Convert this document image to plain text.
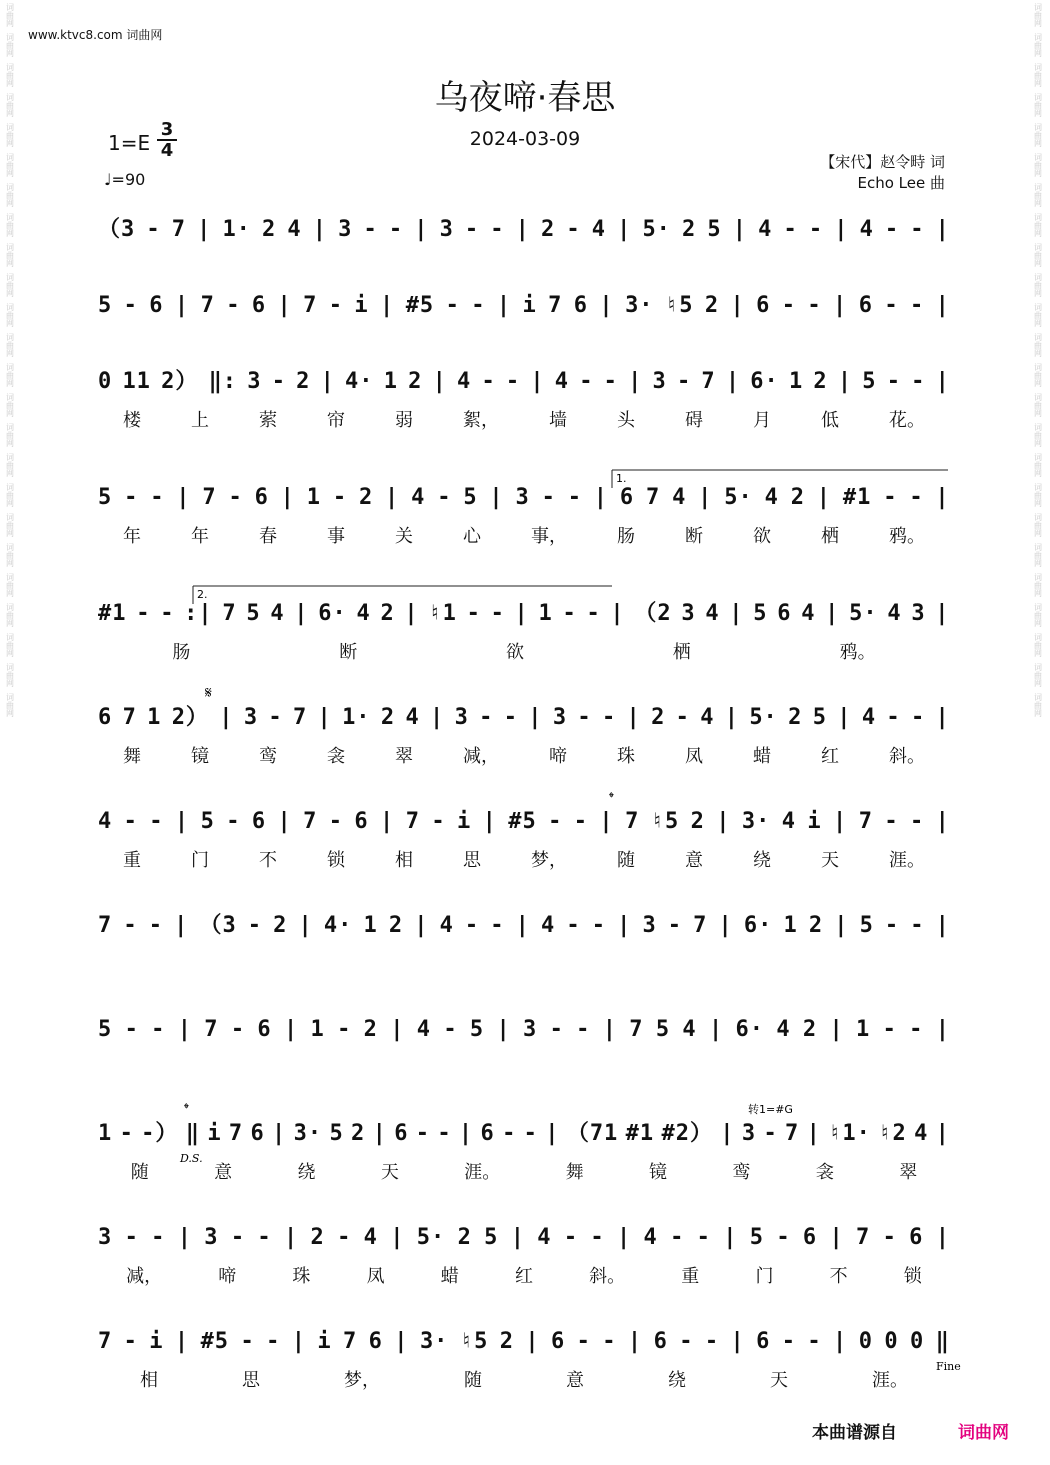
词曲网
词曲网
词曲网
词曲网
词曲网
词曲网
词曲网
词曲网
词曲网
词曲网
词曲网
词曲网
词曲网
词曲网
词曲网
词曲网
词曲网
词曲网
词曲网
词曲网
词曲网
词曲网
词曲网
词曲网
词曲网
词曲网
词曲网
词曲网
词曲网
词曲网
词曲网
词曲网
词曲网
词曲网
词曲网
词曲网
词曲网
词曲网
词曲网
词曲网
词曲网
词曲网
词曲网
词曲网
词曲网
词曲网
词曲网
词曲网
www.ktvc8.com 词曲网
乌夜啼·春思
2024-03-09
1=E
3
4
♩=90
【宋代】赵令畤 词
Echo Lee 曲
（3 - 7 | 1· 2 4 | 3 - - | 3 - - | 2 - 4 | 5· 2 5 | 4 - - | 4 - - |
5 - 6 | 7 - 6 | 7 - i | #5 - - | i 7 6 | 3· ♮5 2 | 6 - - | 6 - - |
0 11 2） ‖: 3 - 2 | 4· 1 2 | 4 - - | 4 - - | 3 - 7 | 6· 1 2 | 5 - - |
楼	上	萦	帘	弱	絮，	墙	头	碍	月	低	花。
5 - - | 7 - 6 | 1 - 2 | 4 - 5 | 3 - - | 6 7 4 | 5· 4 2 | #1 - - |
年	年	春	事	关	心	事，	肠	断	欲	栖	鸦。
#1 - - :| 7 5 4 | 6· 4 2 | ♮1 - - | 1 - - | （2 3 4 | 5 6 4 | 5· 4 3 |
肠	断	欲	栖	鸦。
6 7 1 2） | 3 - 7 | 1· 2 4 | 3 - - | 3 - - | 2 - 4 | 5· 2 5 | 4 - - |
舞	镜	鸾	衾	翠	减，	啼	珠	凤	蜡	红	斜。
4 - - | 5 - 6 | 7 - 6 | 7 - i | #5 - - | 7 ♮5 2 | 3· 4 i | 7 - - |
重	门	不	锁	相	思	梦，	随	意	绕	天	涯。
7 - - | （3 - 2 | 4· 1 2 | 4 - - | 4 - - | 3 - 7 | 6· 1 2 | 5 - - |
5 - - | 7 - 6 | 1 - 2 | 4 - 5 | 3 - - | 7 5 4 | 6· 4 2 | 1 - - |
1 - -） ‖ i 7 6 | 3· 5 2 | 6 - - | 6 - - | （71 #1 #2） | 3 - 7 | ♮1· ♮2 4 |
随	意	绕	天	涯。	舞	镜	鸾	衾	翠
3 - - | 3 - - | 2 - 4 | 5· 2 5 | 4 - - | 4 - - | 5 - 6 | 7 - 6 |
减，	啼	珠	凤	蜡	红	斜。	重	门	不	锁
7 - i | #5 - - | i 7 6 | 3· ♮5 2 | 6 - - | 6 - - | 6 - - | 0 0 0 ‖
相	思	梦，	随	意	绕	天	涯。
1.
2.
𝄋
𝄌
𝄌
D.S.
转1=#G
Fine
本曲谱源自	词曲网
